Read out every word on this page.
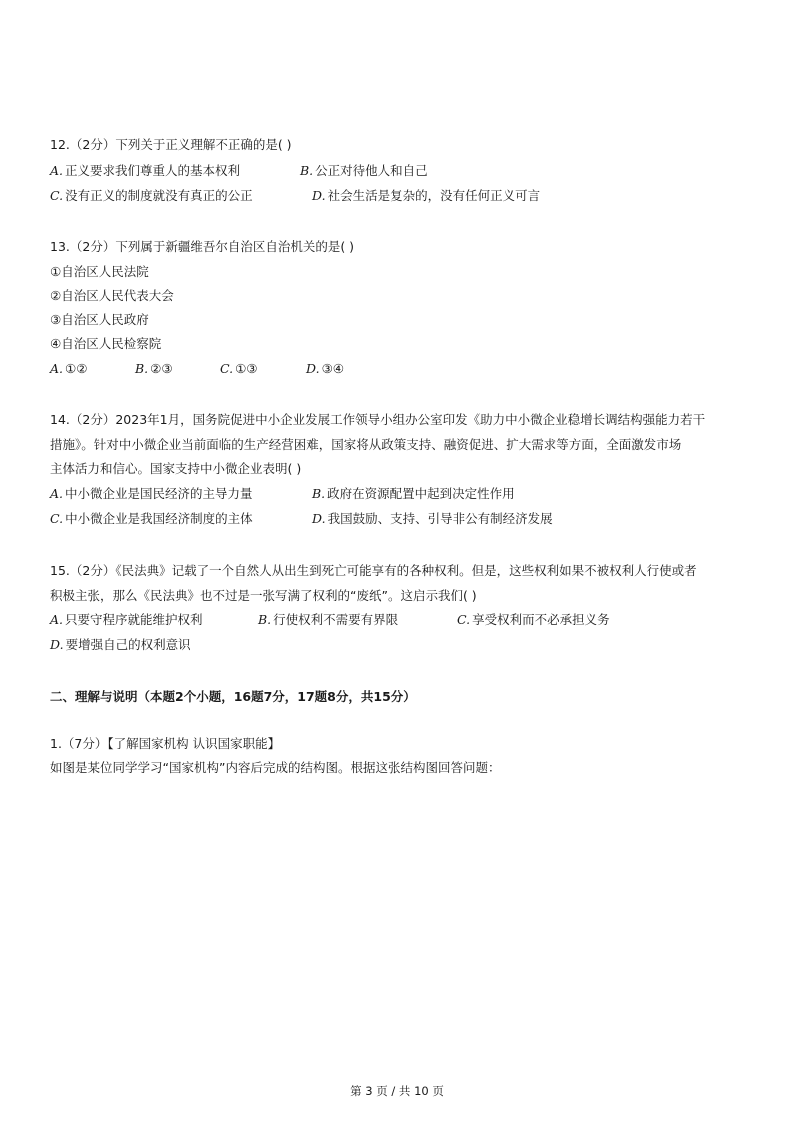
12.（2分）下列关于正义理解不正确的是( )
A. 正义要求我们尊重人的基本权利	B. 公正对待他人和自己
C. 没有正义的制度就没有真正的公正	D. 社会生活是复杂的，没有任何正义可言
13.（2分）下列属于新疆维吾尔自治区自治机关的是( )
①自治区人民法院
②自治区人民代表大会
③自治区人民政府
④自治区人民检察院
A. ①②	B. ②③	C. ①③	D. ③④
14.（2分）2023年1月，国务院促进中小企业发展工作领导小组办公室印发《助力中小微企业稳增长调结构强能力若干
措施》。针对中小微企业当前面临的生产经营困难，国家将从政策支持、融资促进、扩大需求等方面，全面激发市场
主体活力和信心。国家支持中小微企业表明( )
A. 中小微企业是国民经济的主导力量	B. 政府在资源配置中起到决定性作用
C. 中小微企业是我国经济制度的主体	D. 我国鼓励、支持、引导非公有制经济发展
15.（2分）《民法典》记载了一个自然人从出生到死亡可能享有的各种权利。但是，这些权利如果不被权利人行使或者
积极主张，那么《民法典》也不过是一张写满了权利的“废纸”。这启示我们( )
A. 只要守程序就能维护权利	B. 行使权利不需要有界限	C. 享受权利而不必承担义务
D. 要增强自己的权利意识
二、理解与说明（本题2个小题，16题7分，17题8分，共15分）
1.（7分）【了解国家机构 认识国家职能】
如图是某位同学学习“国家机构”内容后完成的结构图。根据这张结构图回答问题：
第 3 页 / 共 10 页
